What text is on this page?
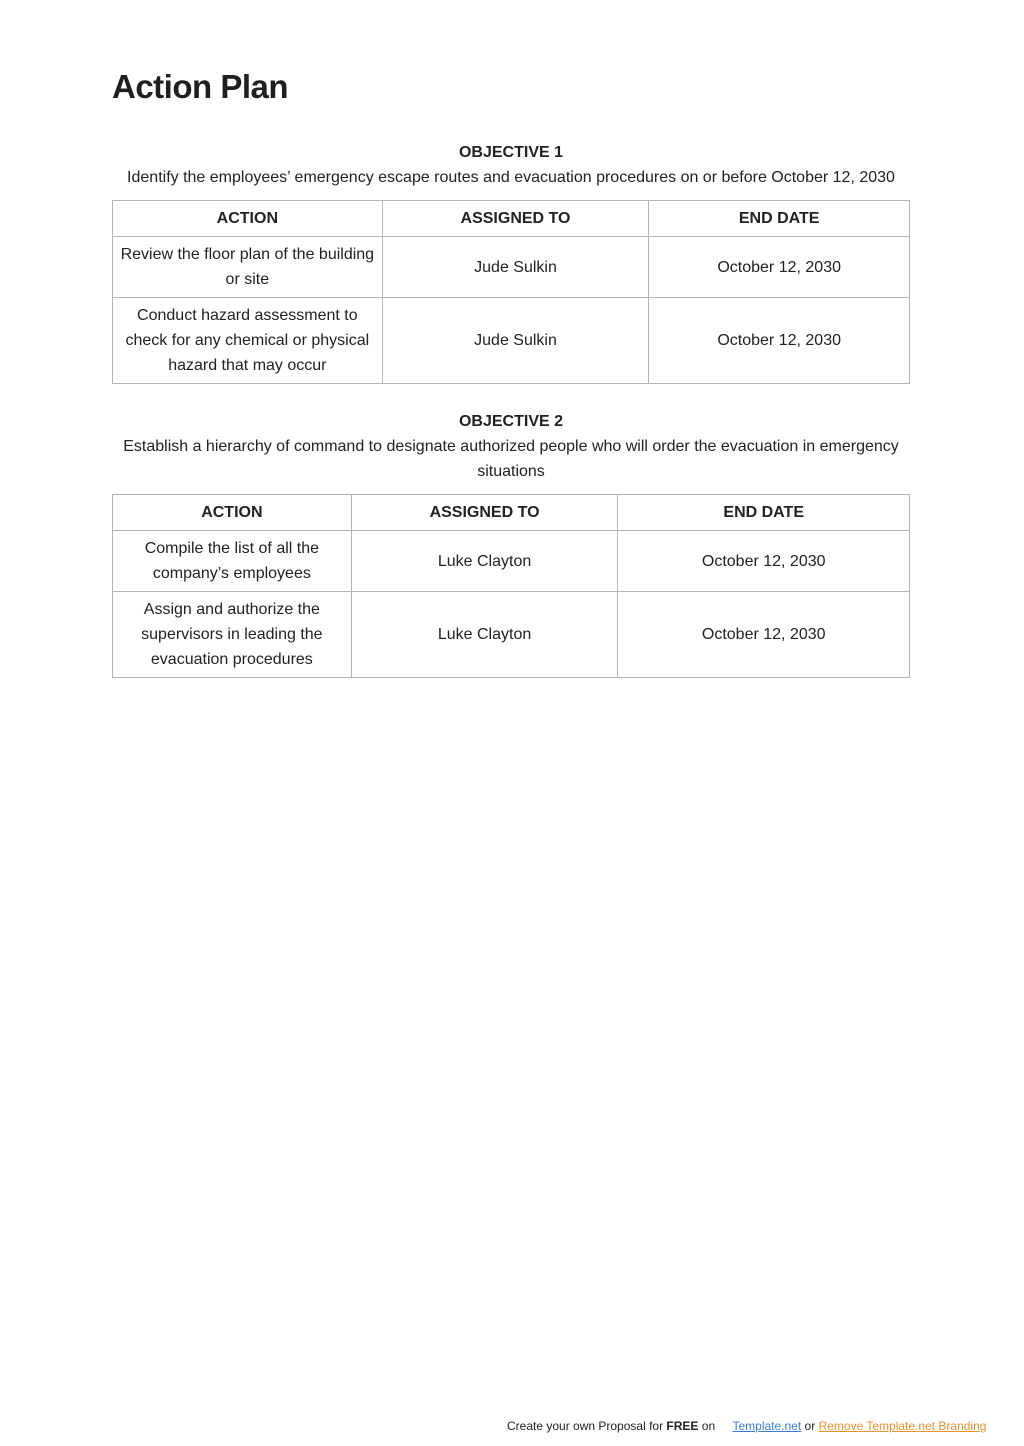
Action Plan
OBJECTIVE 1
Identify the employees’ emergency escape routes and evacuation procedures on or before October 12, 2030
ACTION	ASSIGNED TO	END DATE
Review the floor plan of the building or site	Jude Sulkin	October 12, 2030
Conduct hazard assessment to check for any chemical or physical hazard that may occur	Jude Sulkin	October 12, 2030
OBJECTIVE 2
Establish a hierarchy of command to designate authorized people who will order the evacuation in emergency situations
ACTION	ASSIGNED TO	END DATE
Compile the list of all the company’s employees	Luke Clayton	October 12, 2030
Assign and authorize the supervisors in leading the evacuation procedures	Luke Clayton	October 12, 2030
Create your own Proposal for FREE on Template.net or Remove Template.net Branding
